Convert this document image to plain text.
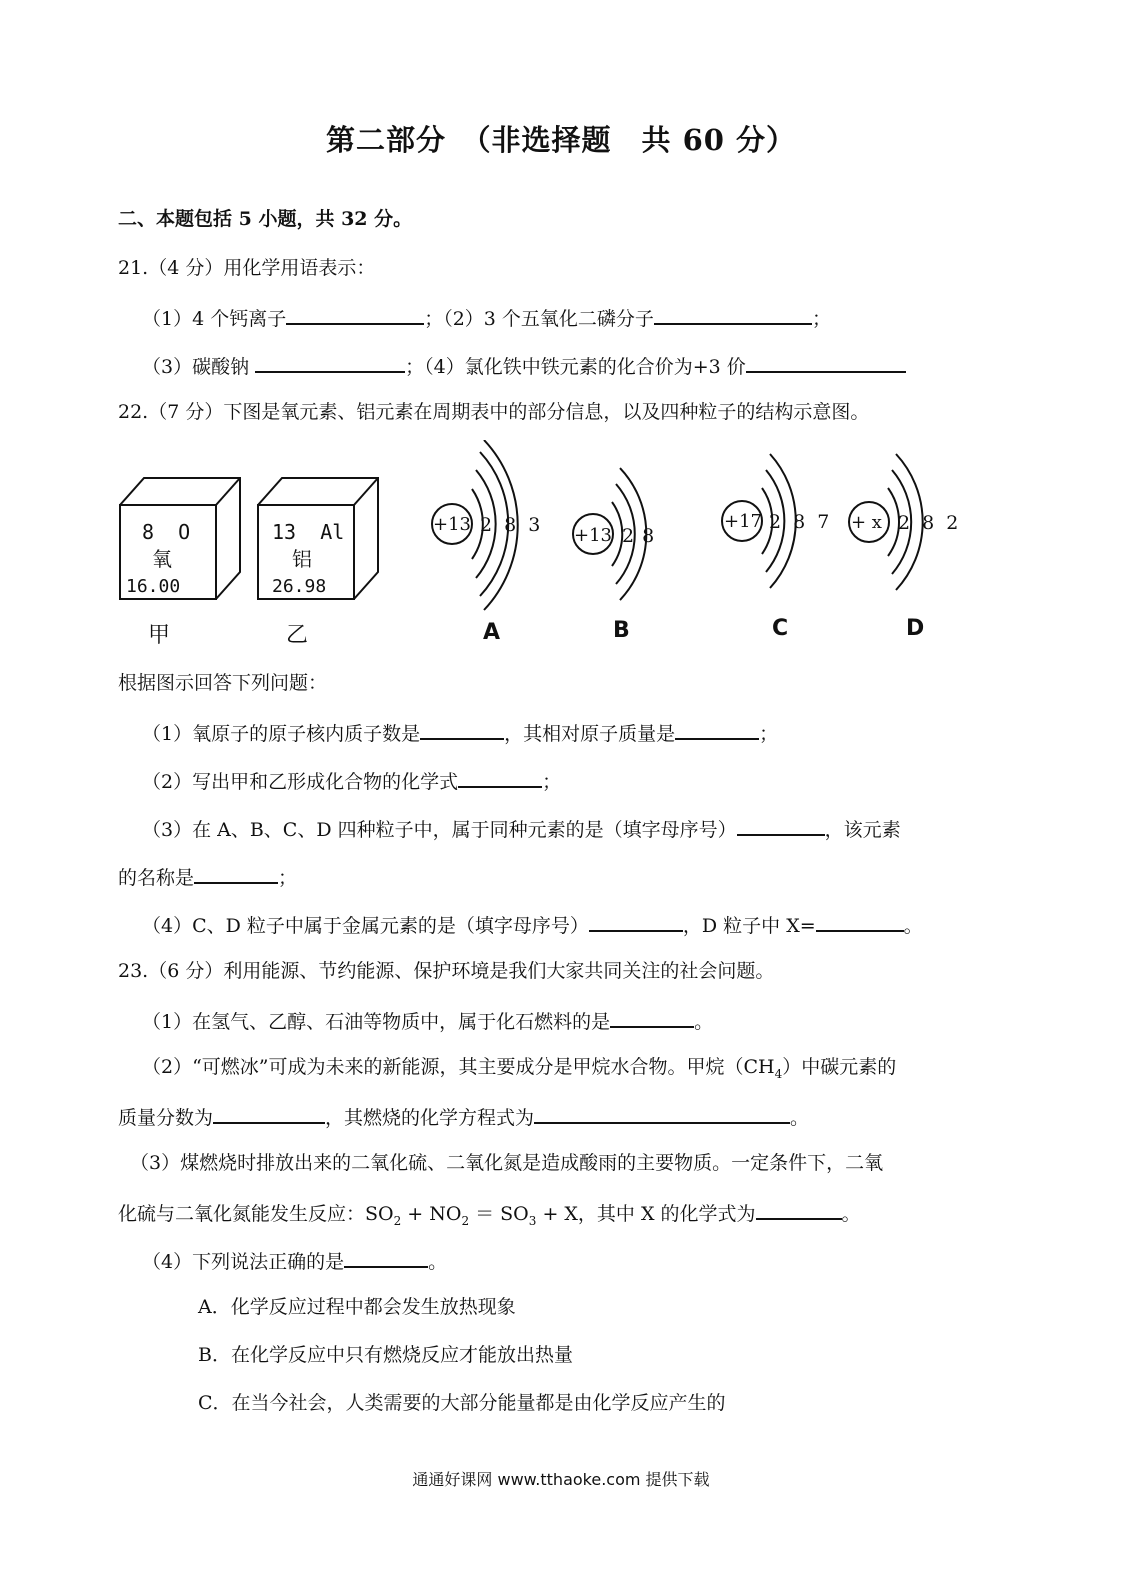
第二部分　（非选择题　共 60 分）
二、本题包括 5 小题，共 32 分。
21.（4 分）用化学用语表示：
（1）4 个钙离子	；（2）3 个五氧化二磷分子	；
（3）碳酸钠	；（4）氯化铁中铁元素的化合价为+3 价
22.（7 分）下图是氧元素、铝元素在周期表中的部分信息，以及四种粒子的结构示意图。
8 O
氧
16.00
13 Al
铝
26.98
甲	乙
+13 2 8 3
A
+13 2 8
B
+17 2 8 7
C
+ x 2 8 2
D
根据图示回答下列问题：
（1）氧原子的原子核内质子数是	，其相对原子质量是	；
（2）写出甲和乙形成化合物的化学式	；
（3）在 A、B、C、D 四种粒子中，属于同种元素的是（填字母序号）	，该元素
的名称是	；
（4）C、D 粒子中属于金属元素的是（填字母序号）	，D 粒子中 X=	。
23.（6 分）利用能源、节约能源、保护环境是我们大家共同关注的社会问题。
（1）在氢气、乙醇、石油等物质中，属于化石燃料的是	。
（2）“可燃冰”可成为未来的新能源，其主要成分是甲烷水合物。甲烷$(CH_4)$中碳元素的
质量分数为	，其燃烧的化学方程式为	。
（3）煤燃烧时排放出来的二氧化硫、二氧化氮是造成酸雨的主要物质。一定条件下，二氧
化硫与二氧化氮能发生反应：$SO_2 + NO_2 = SO_3 + X$，其中 X 的化学式为	。
（4）下列说法正确的是	。
A．化学反应过程中都会发生放热现象
B．在化学反应中只有燃烧反应才能放出热量
C．在当今社会，人类需要的大部分能量都是由化学反应产生的
通通好课网 www.tthaoke.com 提供下载
